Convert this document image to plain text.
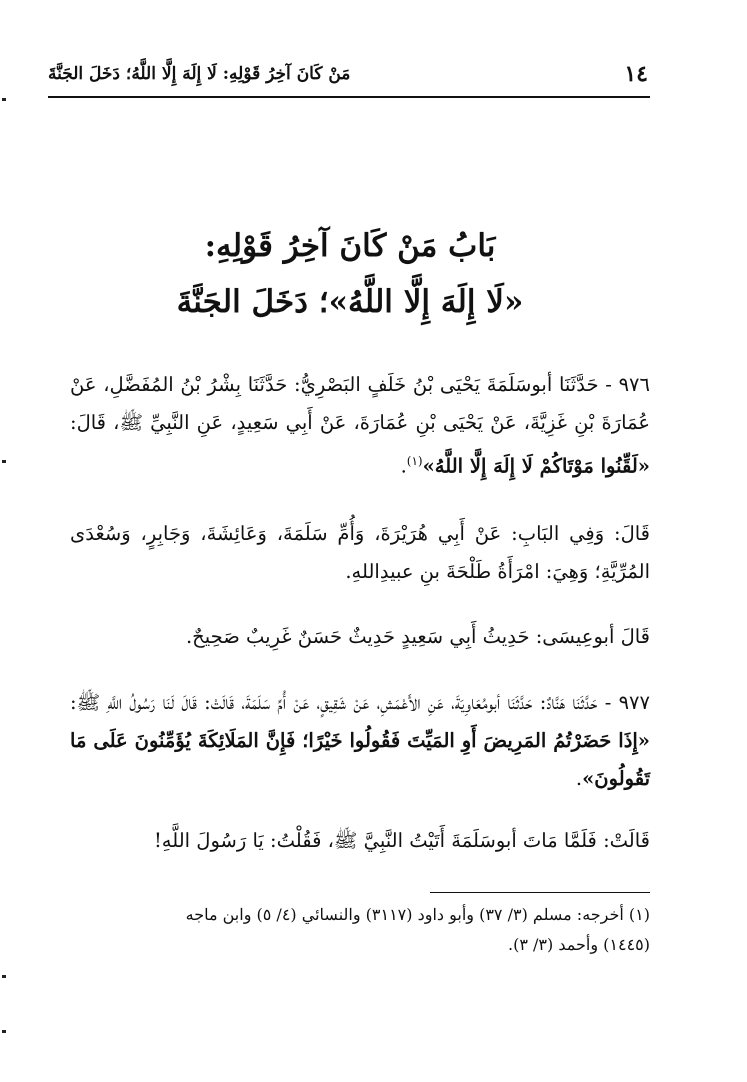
١٤
مَنْ كَانَ آخِرُ قَوْلِهِ: لَا إِلَهَ إِلَّا اللَّهُ؛ دَخَلَ الجَنَّةَ
بَابُ مَنْ كَانَ آخِرُ قَوْلِهِ:
«لَا إِلَهَ إِلَّا اللَّهُ»؛ دَخَلَ الجَنَّةَ
٩٧٦ - حَدَّثَنَا أبوسَلَمَةَ يَحْيَى بْنُ خَلَفٍ البَصْرِيُّ: حَدَّثَنَا بِشْرُ بْنُ المُفَضَّلِ، عَنْ عُمَارَةَ بْنِ غَزِيَّةَ، عَنْ يَحْيَى بْنِ عُمَارَةَ، عَنْ أَبِي سَعِيدٍ، عَنِ النَّبِيِّ ﷺ، قَالَ: «لَقِّنُوا مَوْتَاكُمْ لَا إِلَهَ إِلَّا اللَّهُ»$^{(١)}$.
قَالَ: وَفِي البَابِ: عَنْ أَبِي هُرَيْرَةَ، وَأُمِّ سَلَمَةَ، وَعَائِشَةَ، وَجَابِرٍ، وَسُعْدَى المُرِّيَّةِ؛ وَهِيَ: امْرَأَةُ طَلْحَةَ بنِ عبيدِاللهِ.
قَالَ أبوعِيسَى: حَدِيثُ أَبِي سَعِيدٍ حَدِيثٌ حَسَنٌ غَرِيبٌ صَحِيحٌ.
٩٧٧ - حَدَّثَنَا هَنَّادٌ: حَدَّثَنَا أبومُعَاوِيَةَ، عَنِ الأَعْمَشِ، عَنْ شَقِيقٍ، عَنْ أُمِّ سَلَمَةَ، قَالَتْ: قَالَ لَنَا رَسُولُ اللَّهِ ﷺ: «إِذَا حَضَرْتُمُ المَرِيضَ أَوِ المَيِّتَ فَقُولُوا خَيْرًا؛ فَإِنَّ المَلَائِكَةَ يُؤَمِّنُونَ عَلَى مَا تَقُولُونَ».
قَالَتْ: فَلَمَّا مَاتَ أبوسَلَمَةَ أَتَيْتُ النَّبِيَّ ﷺ، فَقُلْتُ: يَا رَسُولَ اللَّهِ!
(١) أخرجه: مسلم (٣/ ٣٧) وأبو داود (٣١١٧) والنسائي (٤/ ٥) وابن ماجه
(١٤٤٥) وأحمد (٣/ ٣).
